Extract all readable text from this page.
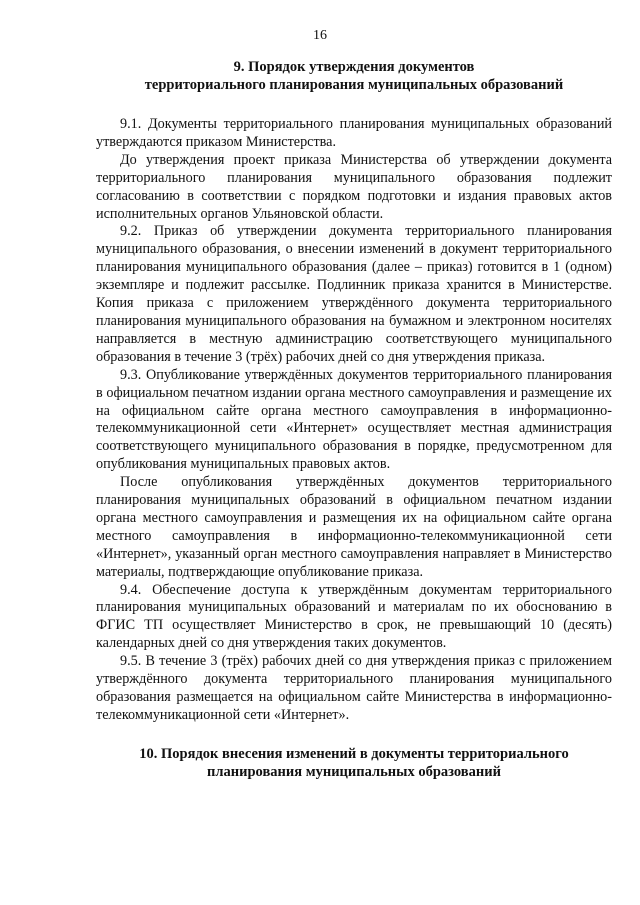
16
9. Порядок утверждения документов
территориального планирования муниципальных образований

9.1. Документы территориального планирования муниципальных образований утверждаются приказом Министерства.

До утверждения проект приказа Министерства об утверждении документа территориального планирования муниципального образования подлежит согласованию в соответствии с порядком подготовки и издания правовых актов исполнительных органов Ульяновской области.

9.2. Приказ об утверждении документа территориального планирования муниципального образования, о внесении изменений в документ территориального планирования муниципального образования (далее – приказ) готовится в 1 (одном) экземпляре и подлежит рассылке. Подлинник приказа хранится в Министерстве. Копия приказа с приложением утверждённого документа территориального планирования муниципального образования на бумажном и электронном носителях направляется в местную администрацию соответствующего муниципального образования в течение 3 (трёх) рабочих дней со дня утверждения приказа.

9.3. Опубликование утверждённых документов территориального планирования в официальном печатном издании органа местного самоуправления и размещение их на официальном сайте органа местного самоуправления в информационно-телекоммуникационной сети «Интернет» осуществляет местная администрация соответствующего муниципального образования в порядке, предусмотренном для опубликования муниципальных правовых актов.

После опубликования утверждённых документов территориального планирования муниципальных образований в официальном печатном издании органа местного самоуправления и размещения их на официальном сайте органа местного самоуправления в информационно-телекоммуникационной сети «Интернет», указанный орган местного самоуправления направляет в Министерство материалы, подтверждающие опубликование приказа.

9.4. Обеспечение доступа к утверждённым документам территориального планирования муниципальных образований и материалам по их обоснованию в ФГИС ТП осуществляет Министерство в срок, не превышающий 10 (десять) календарных дней со дня утверждения таких документов.

9.5. В течение 3 (трёх) рабочих дней со дня утверждения приказ с приложением утверждённого документа территориального планирования муниципального образования размещается на официальном сайте Министерства в информационно-телекоммуникационной сети «Интернет».

10. Порядок внесения изменений в документы территориального
планирования муниципальных образований
